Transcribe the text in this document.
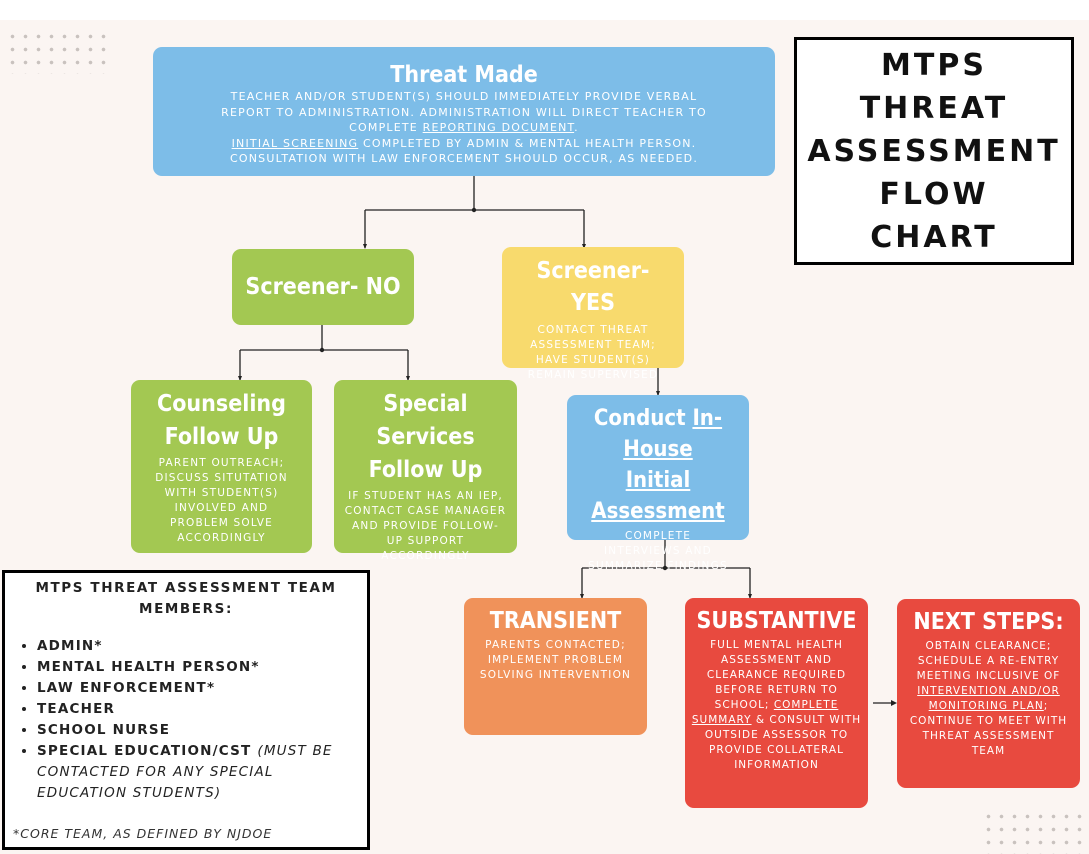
MTPS
THREAT
ASSESSMENT
FLOW
CHART
Threat Made
TEACHER AND/OR STUDENT(S) SHOULD IMMEDIATELY PROVIDE VERBAL
REPORT TO ADMINISTRATION. ADMINISTRATION WILL DIRECT TEACHER TO
COMPLETE REPORTING DOCUMENT.
INITIAL SCREENING COMPLETED BY ADMIN & MENTAL HEALTH PERSON.
CONSULTATION WITH LAW ENFORCEMENT SHOULD OCCUR, AS NEEDED.
Screener- NO
Screener- YES
CONTACT THREAT ASSESSMENT TEAM; HAVE STUDENT(S) REMAIN SUPERVISED
Counseling Follow Up
PARENT OUTREACH; DISCUSS SITUTATION WITH STUDENT(S) INVOLVED AND PROBLEM SOLVE ACCORDINGLY
Special Services Follow Up
IF STUDENT HAS AN IEP, CONTACT CASE MANAGER AND PROVIDE FOLLOW-UP SUPPORT ACCORDINGLY
Conduct In-House
Initial Assessment
COMPLETE INTERVIEWS AND SUMMARIZE FINDINGS
TRANSIENT
PARENTS CONTACTED; IMPLEMENT PROBLEM SOLVING INTERVENTION
SUBSTANTIVE
FULL MENTAL HEALTH ASSESSMENT AND CLEARANCE REQUIRED BEFORE RETURN TO SCHOOL; COMPLETE SUMMARY & CONSULT WITH OUTSIDE ASSESSOR TO PROVIDE COLLATERAL INFORMATION
NEXT STEPS:
OBTAIN CLEARANCE; SCHEDULE A RE-ENTRY MEETING INCLUSIVE OF INTERVENTION AND/OR MONITORING PLAN; CONTINUE TO MEET WITH THREAT ASSESSMENT TEAM
MTPS THREAT ASSESSMENT TEAM MEMBERS:
• ADMIN*
• MENTAL HEALTH PERSON*
• LAW ENFORCEMENT*
• TEACHER
• SCHOOL NURSE
• SPECIAL EDUCATION/CST (MUST BE CONTACTED FOR ANY SPECIAL EDUCATION STUDENTS)
*CORE TEAM, AS DEFINED BY NJDOE
